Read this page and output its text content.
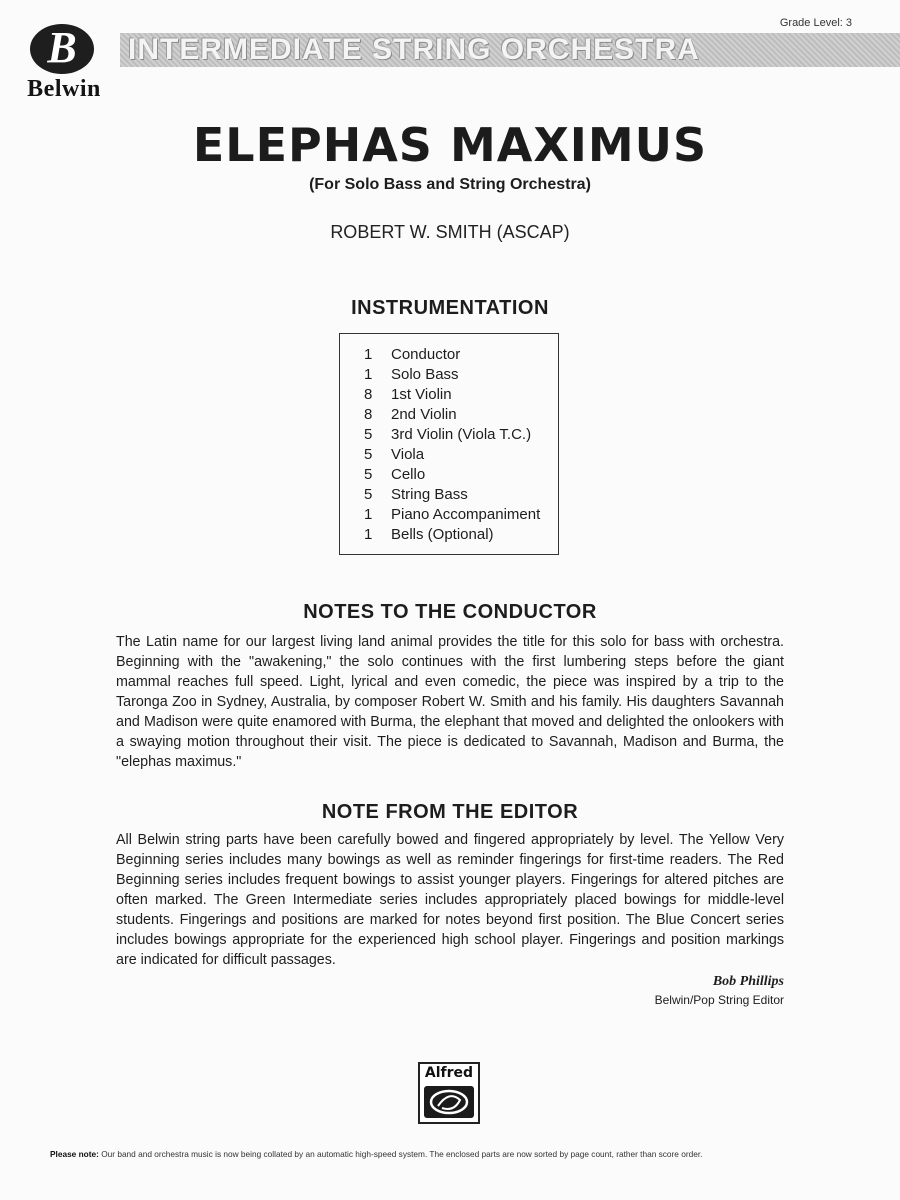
B
Belwin
Grade Level: 3
INTERMEDIATE STRING ORCHESTRA
ELEPHAS MAXIMUS
(For Solo Bass and String Orchestra)
ROBERT W. SMITH (ASCAP)
INSTRUMENTATION
1 Conductor
1 Solo Bass
8 1st Violin
8 2nd Violin
5 3rd Violin (Viola T.C.)
5 Viola
5 Cello
5 String Bass
1 Piano Accompaniment
1 Bells (Optional)
NOTES TO THE CONDUCTOR
The Latin name for our largest living land animal provides the title for this solo for bass with orchestra. Beginning with the "awakening," the solo continues with the first lumbering steps before the giant mammal reaches full speed. Light, lyrical and even comedic, the piece was inspired by a trip to the Taronga Zoo in Sydney, Australia, by composer Robert W. Smith and his family. His daughters Savannah and Madison were quite enamored with Burma, the elephant that moved and delighted the onlookers with a swaying motion throughout their visit. The piece is dedicated to Savannah, Madison and Burma, the "elephas maximus."
NOTE FROM THE EDITOR
All Belwin string parts have been carefully bowed and fingered appropriately by level. The Yellow Very Beginning series includes many bowings as well as reminder fingerings for first-time readers. The Red Beginning series includes frequent bowings to assist younger players. Fingerings for altered pitches are often marked. The Green Intermediate series includes appropriately placed bowings for middle-level students. Fingerings and positions are marked for notes beyond first position. The Blue Concert series includes bowings appropriate for the experienced high school player. Fingerings and position markings are indicated for difficult passages.
Bob Phillips
Belwin/Pop String Editor
Alfred
Please note: Our band and orchestra music is now being collated by an automatic high-speed system. The enclosed parts are now sorted by page count, rather than score order.
